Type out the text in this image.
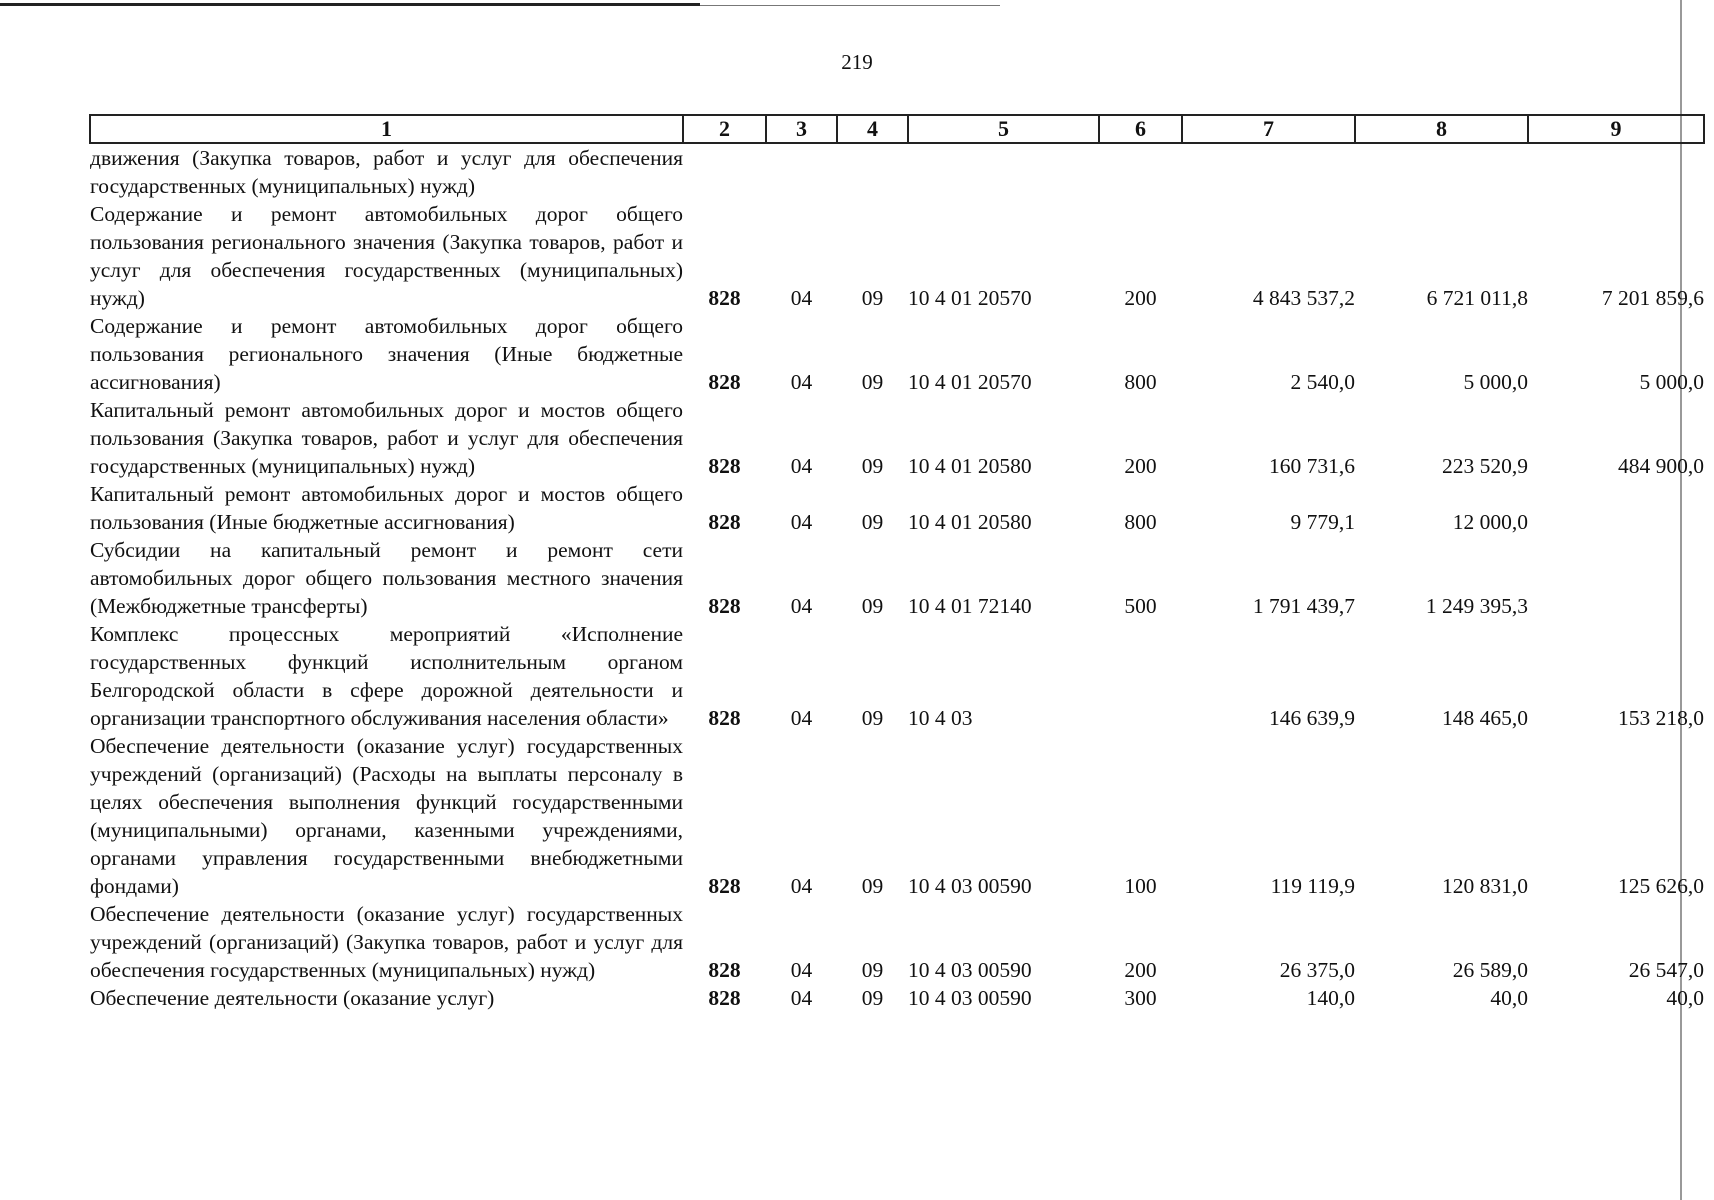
219
1	2	3	4	5	6	7	8	9
движения (Закупка товаров, работ и услуг для обеспечения государственных (муниципальных) нужд)								
Содержание и ремонт автомобильных дорог общего пользования регионального значения (Закупка товаров, работ и услуг для обеспечения государственных (муниципальных) нужд)	828	04	09	10 4 01 20570	200	4 843 537,2	6 721 011,8	7 201 859,6
Содержание и ремонт автомобильных дорог общего пользования регионального значения (Иные бюджетные ассигнования)	828	04	09	10 4 01 20570	800	2 540,0	5 000,0	5 000,0
Капитальный ремонт автомобильных дорог и мостов общего пользования (Закупка товаров, работ и услуг для обеспечения государственных (муниципальных) нужд)	828	04	09	10 4 01 20580	200	160 731,6	223 520,9	484 900,0
Капитальный ремонт автомобильных дорог и мостов общего пользования (Иные бюджетные ассигнования)	828	04	09	10 4 01 20580	800	9 779,1	12 000,0	
Субсидии на капитальный ремонт и ремонт сети автомобильных дорог общего пользования местного значения (Межбюджетные трансферты)	828	04	09	10 4 01 72140	500	1 791 439,7	1 249 395,3	
Комплекс процессных мероприятий «Исполнение государственных функций исполнительным органом Белгородской области в сфере дорожной деятельности и организации транспортного обслуживания населения области»	828	04	09	10 4 03		146 639,9	148 465,0	153 218,0
Обеспечение деятельности (оказание услуг) государственных учреждений (организаций) (Расходы на выплаты персоналу в целях обеспечения выполнения функций государственными (муниципальными) органами, казенными учреждениями, органами управления государственными внебюджетными фондами)	828	04	09	10 4 03 00590	100	119 119,9	120 831,0	125 626,0
Обеспечение деятельности (оказание услуг) государственных учреждений (организаций) (Закупка товаров, работ и услуг для обеспечения государственных (муниципальных) нужд)	828	04	09	10 4 03 00590	200	26 375,0	26 589,0	26 547,0
Обеспечение деятельности (оказание услуг)	828	04	09	10 4 03 00590	300	140,0	40,0	40,0
